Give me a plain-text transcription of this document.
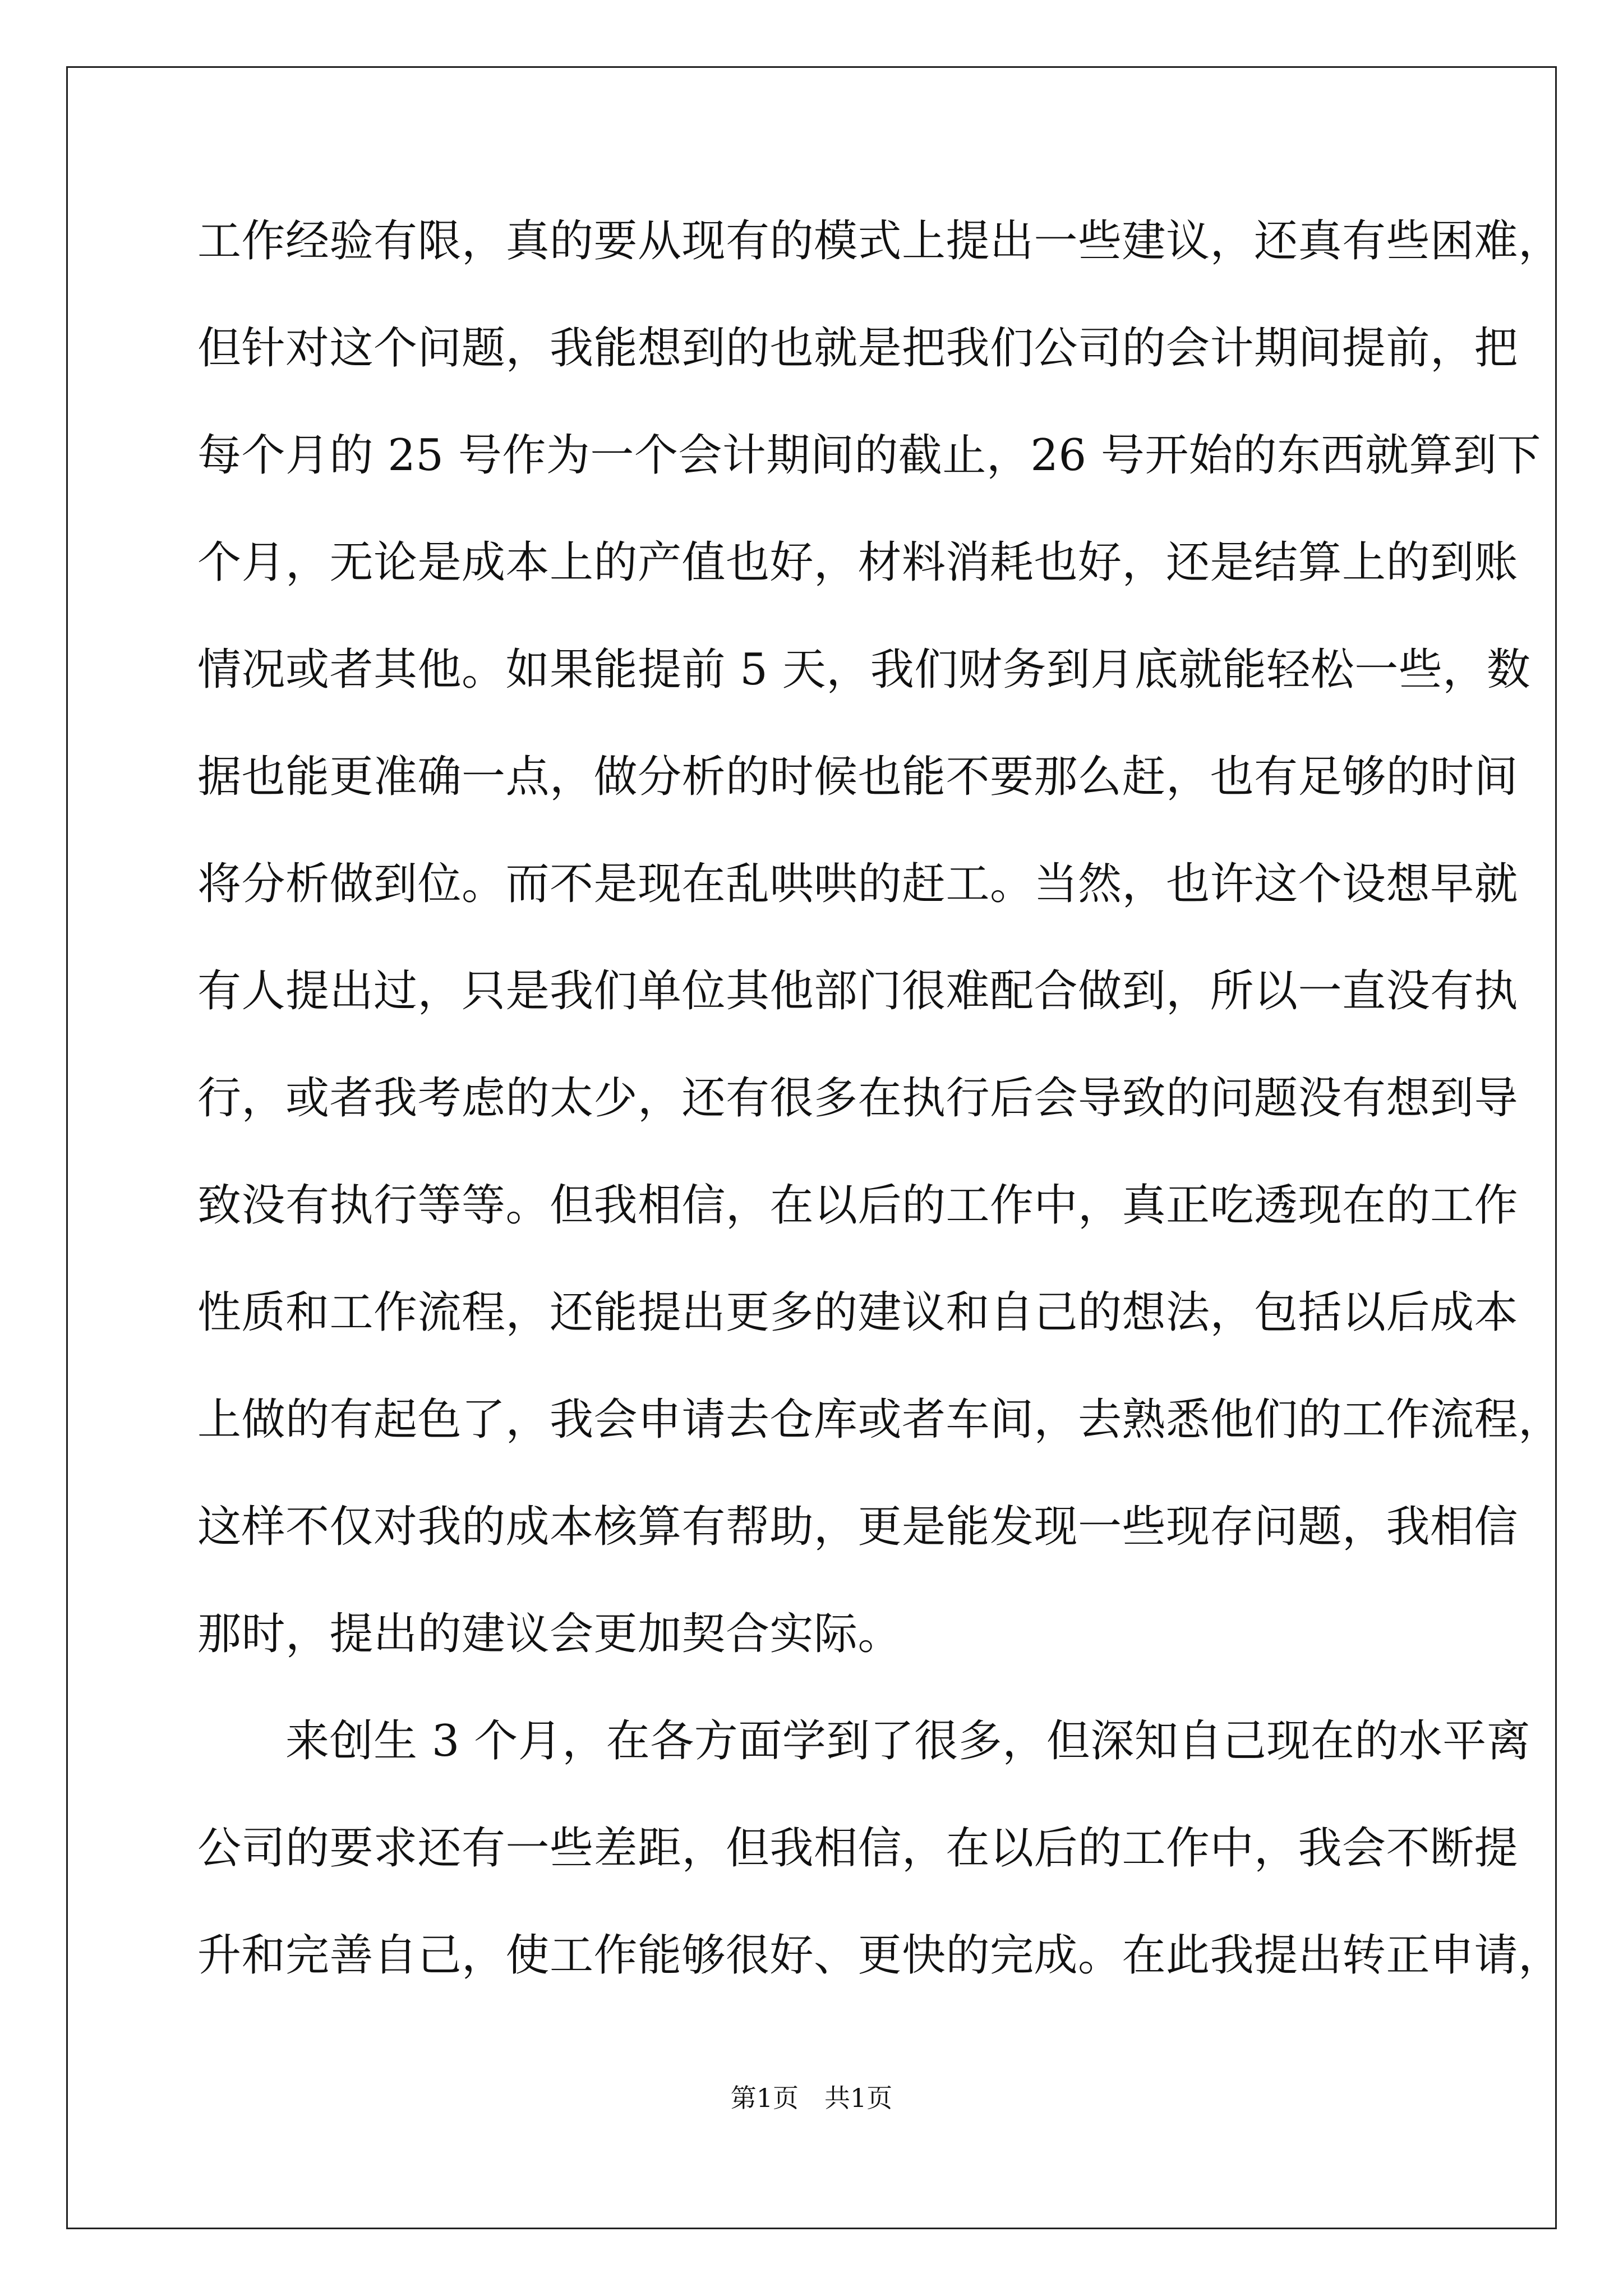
工作经验有限，真的要从现有的模式上提出一些建议，还真有些困难，
但针对这个问题，我能想到的也就是把我们公司的会计期间提前，把
每个月的 25 号作为一个会计期间的截止，26 号开始的东西就算到下
个月，无论是成本上的产值也好，材料消耗也好，还是结算上的到账
情况或者其他。如果能提前 5 天，我们财务到月底就能轻松一些，数
据也能更准确一点，做分析的时候也能不要那么赶，也有足够的时间
将分析做到位。而不是现在乱哄哄的赶工。当然，也许这个设想早就
有人提出过，只是我们单位其他部门很难配合做到，所以一直没有执
行，或者我考虑的太少，还有很多在执行后会导致的问题没有想到导
致没有执行等等。但我相信，在以后的工作中，真正吃透现在的工作
性质和工作流程，还能提出更多的建议和自己的想法，包括以后成本
上做的有起色了，我会申请去仓库或者车间，去熟悉他们的工作流程，
这样不仅对我的成本核算有帮助，更是能发现一些现存问题，我相信
那时，提出的建议会更加契合实际。
　　来创生 3 个月，在各方面学到了很多，但深知自己现在的水平离
公司的要求还有一些差距，但我相信，在以后的工作中，我会不断提
升和完善自己，使工作能够很好、更快的完成。在此我提出转正申请，
第1页 共1页
